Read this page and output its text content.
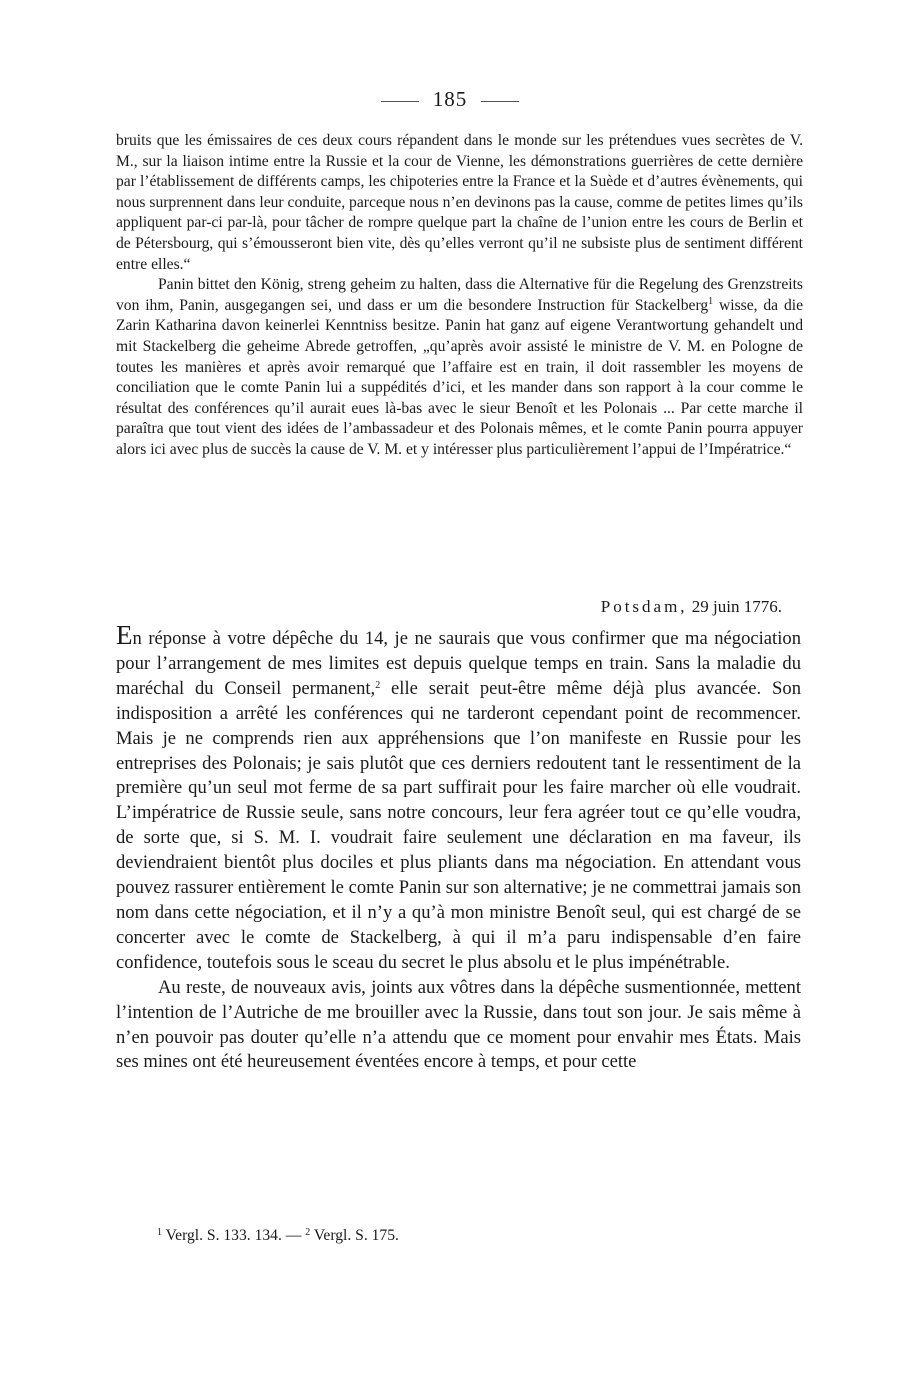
185

bruits que les émissaires de ces deux cours répandent dans le monde sur les prétendues vues secrètes de V. M., sur la liaison intime entre la Russie et la cour de Vienne, les démonstrations guerrières de cette dernière par l’établissement de différents camps, les chipoteries entre la France et la Suède et d’autres évènements, qui nous surprennent dans leur conduite, parceque nous n’en devinons pas la cause, comme de petites limes qu’ils appliquent par-ci par-là, pour tâcher de rompre quelque part la chaîne de l’union entre les cours de Berlin et de Pétersbourg, qui s’émousseront bien vite, dès qu’elles verront qu’il ne subsiste plus de sentiment différent entre elles.“

Panin bittet den König, streng geheim zu halten, dass die Alternative für die Regelung des Grenzstreits von ihm, Panin, ausgegangen sei, und dass er um die besondere Instruction für Stackelberg$^1$ wisse, da die Zarin Katharina davon keinerlei Kenntniss besitze. Panin hat ganz auf eigene Verantwortung gehandelt und mit Stackelberg die geheime Abrede getroffen, „qu’après avoir assisté le ministre de V. M. en Pologne de toutes les manières et après avoir remarqué que l’affaire est en train, il doit rassembler les moyens de conciliation que le comte Panin lui a suppédités d’ici, et les mander dans son rapport à la cour comme le résultat des conférences qu’il aurait eues là-bas avec le sieur Benoît et les Polonais ... Par cette marche il paraîtra que tout vient des idées de l’ambassadeur et des Polonais mêmes, et le comte Panin pourra appuyer alors ici avec plus de succès la cause de V. M. et y intéresser plus particulièrement l’appui de l’Impératrice.“

Potsdam, 29 juin 1776.

En réponse à votre dépêche du 14, je ne saurais que vous confirmer que ma négociation pour l’arrangement de mes limites est depuis quelque temps en train. Sans la maladie du maréchal du Conseil permanent,$^2$ elle serait peut-être même déjà plus avancée. Son indisposition a arrêté les conférences qui ne tarderont cependant point de recommencer. Mais je ne comprends rien aux appréhensions que l’on manifeste en Russie pour les entreprises des Polonais; je sais plutôt que ces derniers redoutent tant le ressentiment de la première qu’un seul mot ferme de sa part suffirait pour les faire marcher où elle voudrait. L’impératrice de Russie seule, sans notre concours, leur fera agréer tout ce qu’elle voudra, de sorte que, si S. M. I. voudrait faire seulement une déclaration en ma faveur, ils deviendraient bientôt plus dociles et plus pliants dans ma négociation. En attendant vous pouvez rassurer entièrement le comte Panin sur son alternative; je ne commettrai jamais son nom dans cette négociation, et il n’y a qu’à mon ministre Benoît seul, qui est chargé de se concerter avec le comte de Stackelberg, à qui il m’a paru indispensable d’en faire confidence, toutefois sous le sceau du secret le plus absolu et le plus impénétrable.

Au reste, de nouveaux avis, joints aux vôtres dans la dépêche susmentionnée, mettent l’intention de l’Autriche de me brouiller avec la Russie, dans tout son jour. Je sais même à n’en pouvoir pas douter qu’elle n’a attendu que ce moment pour envahir mes États. Mais ses mines ont été heureusement éventées encore à temps, et pour cette

$^1$ Vergl. S. 133. 134. — $^2$ Vergl. S. 175.
